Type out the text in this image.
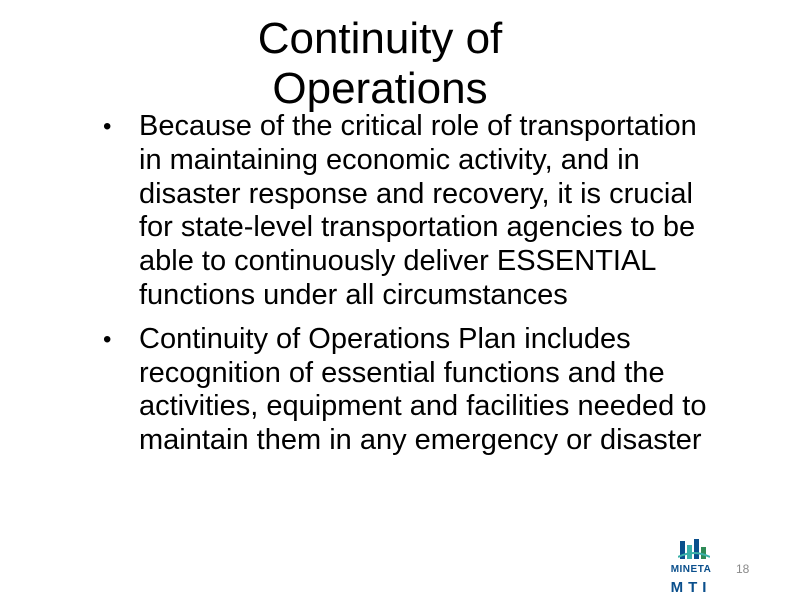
Continuity of Operations
• Because of the critical role of transportation in maintaining economic activity, and in disaster response and recovery, it is crucial for state-level transportation agencies to be able to continuously deliver ESSENTIAL functions under all circumstances
• Continuity of Operations Plan includes recognition of essential functions and the activities, equipment and facilities needed to maintain them in any emergency or disaster
MINETA
MTI
18
